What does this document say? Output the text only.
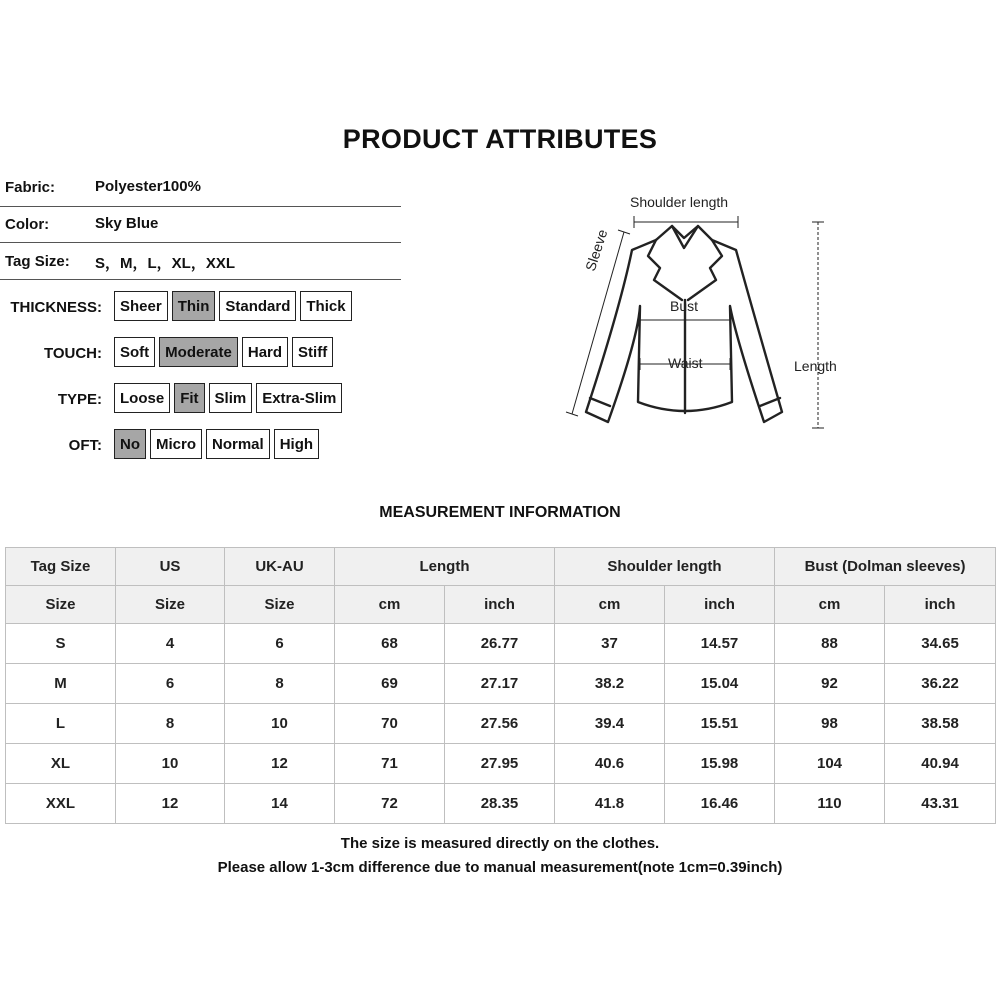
PRODUCT ATTRIBUTES
Fabric:	Polyester100%
Color:	Sky Blue
Tag Size: S，M，L，XL，XXL
THICKNESS:	Sheer	Thin	Standard	Thick
TOUCH:	Soft	Moderate	Hard	Stiff
TYPE:	Loose	Fit	Slim	Extra-Slim
OFT:	No	Micro	Normal	High
Shoulder length
Sleeve
Bust
Waist	Length
MEASUREMENT INFORMATION
Tag Size	US	UK-AU	Length		Shoulder length		Bust (Dolman sleeves)	
Size	Size	Size	cm	inch	cm	inch	cm	inch
S	4	6	68	26.77	37	14.57	88	34.65
M	6	8	69	27.17	38.2	15.04	92	36.22
L	8	10	70	27.56	39.4	15.51	98	38.58
XL	10	12	71	27.95	40.6	15.98	104	40.94
XXL	12	14	72	28.35	41.8	16.46	110	43.31
The size is measured directly on the clothes.
Please allow 1-3cm difference due to manual measurement(note 1cm=0.39inch)
